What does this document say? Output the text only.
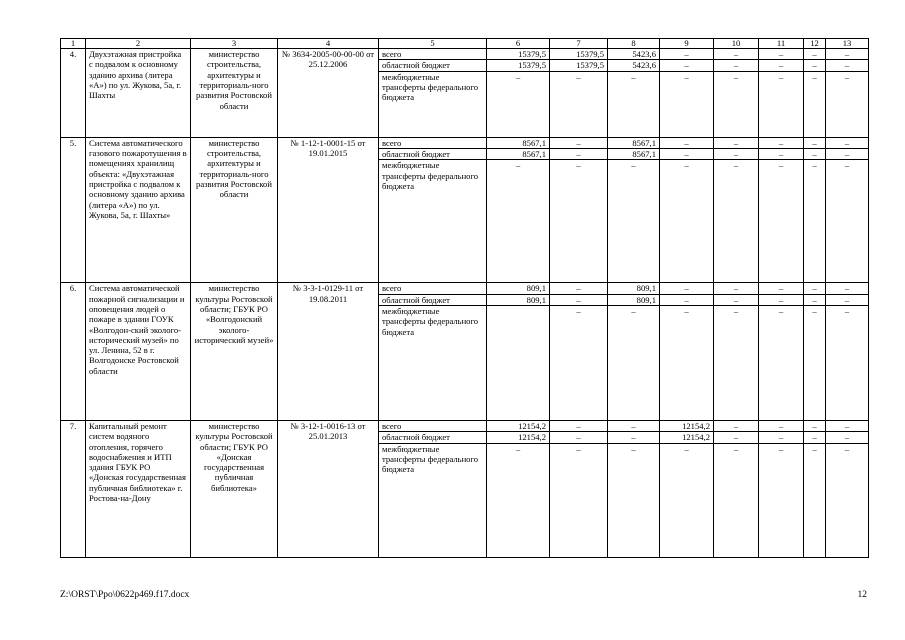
1	2	3	4	5	6	7	8	9	10	11	12	13
4.	Двухэтажная пристройка с подвалом к основному зданию архива (литера «А») по ул. Жукова, 5а, г. Шахты	министерство строительства, архитектуры и территориаль-ного развития Ростовской области	№ 3634-2005-00-00-00 от 25.12.2006	всего	15379,5	15379,5	5423,6	–	–	–	–	–
				областной бюджет	15379,5	15379,5	5423,6	–	–	–	–	–
				межбюджетные трансферты федерального бюджета	–	–	–	–	–	–	–	–
5.	Система автоматического газового пожаротушения в помещениях хранилищ объекта: «Двухэтажная пристройка с подвалом к основному зданию архива (литера «А») по ул. Жукова, 5а, г. Шахты»	министерство строительства, архитектуры и территориаль-ного развития Ростовской области	№ 1-12-1-0001-15 от 19.01.2015	всего	8567,1	–	8567,1	–	–	–	–	–
				областной бюджет	8567,1	–	8567,1	–	–	–	–	–
				межбюджетные трансферты федерального бюджета	–	–	–	–	–	–	–	–
6.	Система автоматической пожарной сигнализации и оповещения людей о пожаре в здании ГОУК «Волгодон-ский эколого-исторический музей» по ул. Ленина, 52 в г. Волгодонске Ростовской области	министерство культуры Ростовской области; ГБУК РО «Волгодонский эколого-исторический музей»	№ 3-3-1-0129-11 от 19.08.2011	всего	809,1	–	809,1	–	–	–	–	–
				областной бюджет	809,1	–	809,1	–	–	–	–	–
				межбюджетные трансферты федерального бюджета		–	–	–	–	–	–	–
7.	Капитальный ремонт систем водяного отопления, горячего водоснабжения и ИТП здания ГБУК РО «Донская государственная публичная библиотека» г. Ростова-на-Дону	министерство культуры Ростовской области; ГБУК РО «Донская государственная публичная библиотека»	№ 3-12-1-0016-13 от 25.01.2013	всего	12154,2	–	–	12154,2	–	–	–	–
				областной бюджет	12154,2	–	–	12154,2	–	–	–	–
				межбюджетные трансферты федерального бюджета	–	–	–	–	–	–	–	–
Z:\ORST\Ppo\0622p469.f17.docx	12
